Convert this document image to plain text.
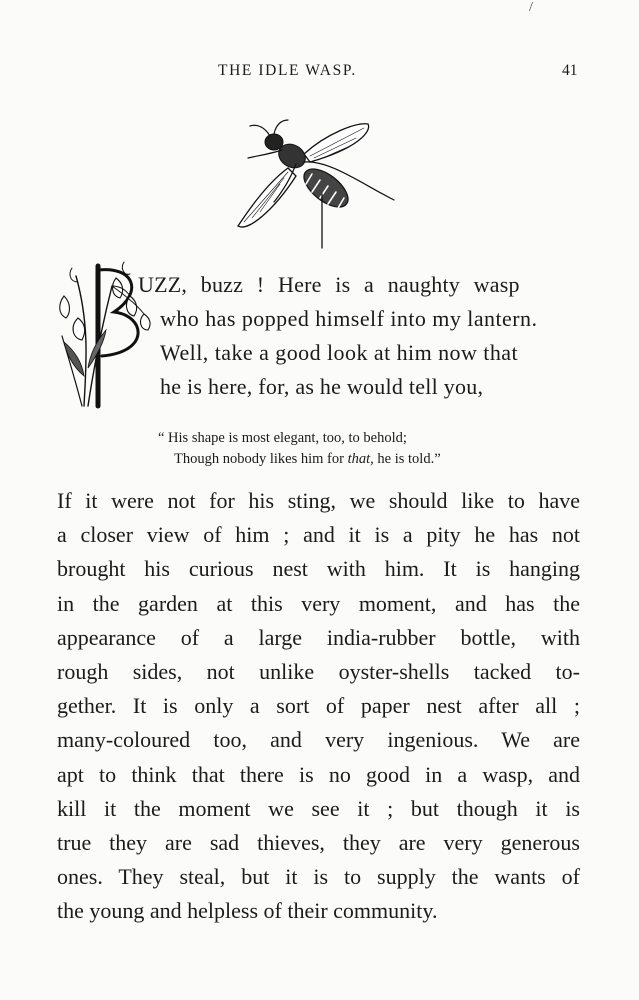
/
THE IDLE WASP.	41
UZZ, buzz ! Here is a naughty wasp
who has popped himself into my lantern.
Well, take a good look at him now that
he is here, for, as he would tell you,
“ His shape is most elegant, too, to behold;
Though nobody likes him for that, he is told.”
If it were not for his sting, we should like to have
a closer view of him ; and it is a pity he has not
brought his curious nest with him. It is hanging
in the garden at this very moment, and has the
appearance of a large india-rubber bottle, with
rough sides, not unlike oyster-shells tacked to-
gether. It is only a sort of paper nest after all ;
many-coloured too, and very ingenious. We are
apt to think that there is no good in a wasp, and
kill it the moment we see it ; but though it is
true they are sad thieves, they are very generous
ones. They steal, but it is to supply the wants of
the young and helpless of their community.
